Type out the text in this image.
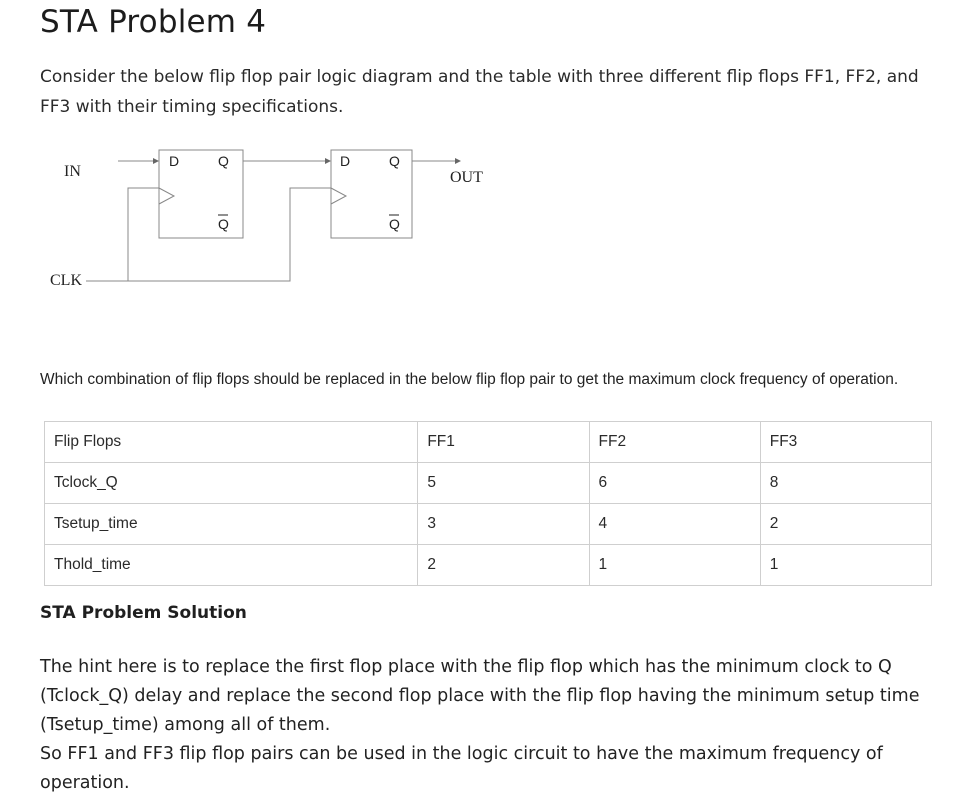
STA Problem 4

Consider the below flip flop pair logic diagram and the table with three different flip flops FF1, FF2, and FF3 with their timing specifications.

IN
D	Q
Q
D	Q
Q
OUT
CLK

Which combination of flip flops should be replaced in the below flip flop pair to get the maximum clock frequency of operation.

Flip Flops	FF1	FF2	FF3
Tclock_Q	5	6	8
Tsetup_time	3	4	2
Thold_time	2	1	1
STA Problem Solution
The hint here is to replace the first flop place with the flip flop which has the minimum clock to Q (Tclock_Q) delay and replace the second flop place with the flip flop having the minimum setup time (Tsetup_time) among all of them.
So FF1 and FF3 flip flop pairs can be used in the logic circuit to have the maximum frequency of operation.
